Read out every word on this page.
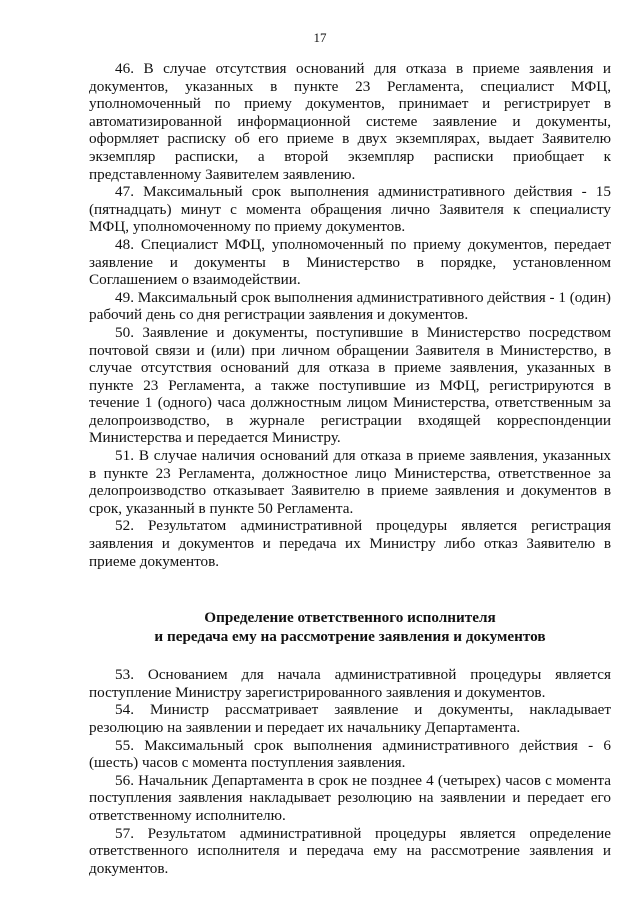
17

46. В случае отсутствия оснований для отказа в приеме заявления и документов, указанных в пункте 23 Регламента, специалист МФЦ, уполномоченный по приему документов, принимает и регистрирует в автоматизированной информационной системе заявление и документы, оформляет расписку об его приеме в двух экземплярах, выдает Заявителю экземпляр расписки, а второй экземпляр расписки приобщает к представленному Заявителем заявлению.

47. Максимальный срок выполнения административного действия - 15 (пятнадцать) минут с момента обращения лично Заявителя к специалисту МФЦ, уполномоченному по приему документов.

48. Специалист МФЦ, уполномоченный по приему документов, передает заявление и документы в Министерство в порядке, установленном Соглашением о взаимодействии.

49. Максимальный срок выполнения административного действия - 1 (один) рабочий день со дня регистрации заявления и документов.

50. Заявление и документы, поступившие в Министерство посредством почтовой связи и (или) при личном обращении Заявителя в Министерство, в случае отсутствия оснований для отказа в приеме заявления, указанных в пункте 23 Регламента, а также поступившие из МФЦ, регистрируются в течение 1 (одного) часа должностным лицом Министерства, ответственным за делопроизводство, в журнале регистрации входящей корреспонденции Министерства и передается Министру.

51. В случае наличия оснований для отказа в приеме заявления, указанных в пункте 23 Регламента, должностное лицо Министерства, ответственное за делопроизводство отказывает Заявителю в приеме заявления и документов в срок, указанный в пункте 50 Регламента.

52. Результатом административной процедуры является регистрация заявления и документов и передача их Министру либо отказ Заявителю в приеме документов.

Определение ответственного исполнителя
и передача ему на рассмотрение заявления и документов

53. Основанием для начала административной процедуры является поступление Министру зарегистрированного заявления и документов.

54. Министр рассматривает заявление и документы, накладывает резолюцию на заявлении и передает их начальнику Департамента.

55. Максимальный срок выполнения административного действия - 6 (шесть) часов с момента поступления заявления.

56. Начальник Департамента в срок не позднее 4 (четырех) часов с момента поступления заявления накладывает резолюцию на заявлении и передает его ответственному исполнителю.

57. Результатом административной процедуры является определение ответственного исполнителя и передача ему на рассмотрение заявления и документов.
